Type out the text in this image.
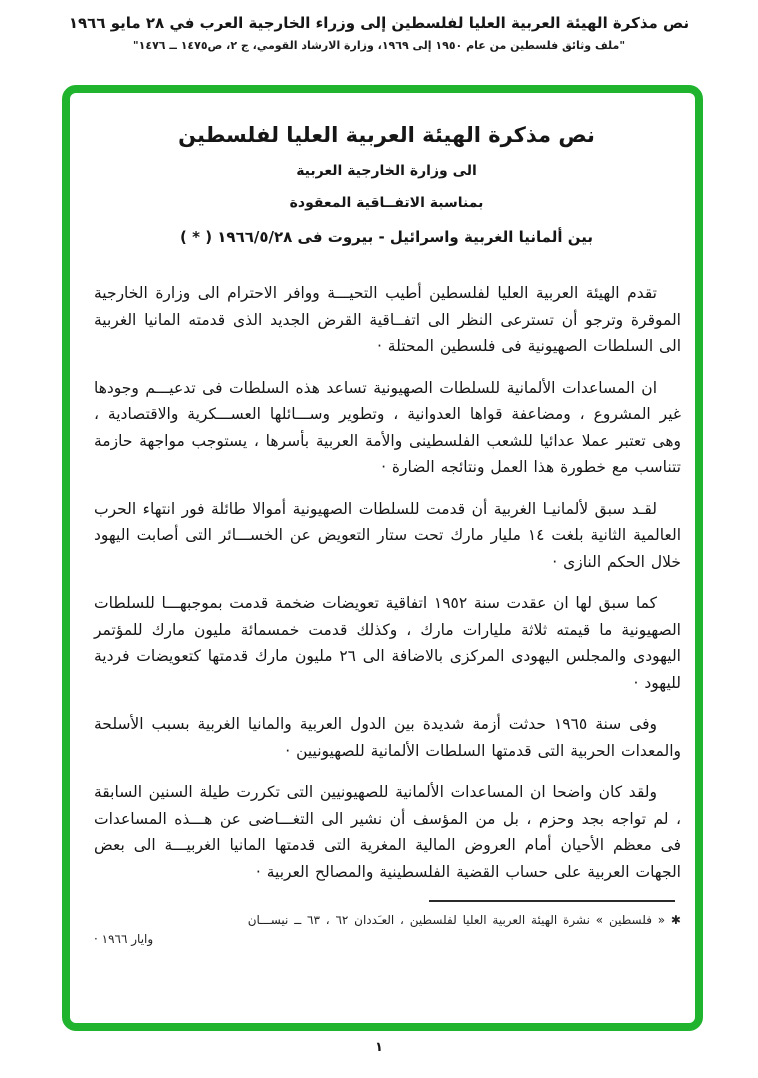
نص مذكرة الهيئة العربية العليا لفلسطين إلى وزراء الخارجية العرب في ٢٨ مايو ١٩٦٦
"ملف وثائق فلسطين من عام ١٩٥٠ إلى ١٩٦٩، وزارة الارشاد القومي، ج ٢، ص١٤٧٥ ــ ١٤٧٦"
نص مذكرة الهيئة العربية العليا لفلسطين
الى وزارة الخارجية العربية
بمناسبة الاتفــاقية المعقودة
بين ألمانيا الغربية واسرائيل - بيروت فى ١٩٦٦/٥/٢٨ ( * )

تقدم الهيئة العربية العليا لفلسطين أطيب التحيـــة ووافر الاحترام الى وزارة الخارجية الموقرة وترجو أن تسترعى النظر الى اتفــاقية القرض الجديد الذى قدمته المانيا الغربية الى السلطات الصهيونية فى فلسطين المحتلة ·

ان المساعدات الألمانية للسلطات الصهيونية تساعد هذه السلطات فى تدعيـــم وجودها غير المشروع ، ومضاعفة قواها العدوانية ، وتطوير وســـائلها العســـكرية والاقتصادية ، وهى تعتبر عملا عدائيا للشعب الفلسطينى والأمة العربية بأسرها ، يستوجب مواجهة حازمة تتناسب مع خطورة هذا العمل ونتائجه الضارة ·

لقـد سبق لألمانيـا الغربية أن قدمت للسلطات الصهيونية أموالا طائلة فور انتهاء الحرب العالمية الثانية بلغت ١٤ مليار مارك تحت ستار التعويض عن الخســـائر التى أصابت اليهود خلال الحكم النازى ·

كما سبق لها ان عقدت سنة ١٩٥٢ اتفاقية تعويضات ضخمة قدمت بموجبهـــا للسلطات الصهيونية ما قيمته ثلاثة مليارات مارك ، وكذلك قدمت خمسمائة مليون مارك للمؤتمر اليهودى والمجلس اليهودى المركزى بالاضافة الى ٢٦ مليون مارك قدمتها كتعويضات فردية لليهود ·

وفى سنة ١٩٦٥ حدثت أزمة شديدة بين الدول العربية والمانيا الغربية بسبب الأسلحة والمعدات الحربية التى قدمتها السلطات الألمانية للصهيونيين ·

ولقد كان واضحا ان المساعدات الألمانية للصهيونيين التى تكررت طيلة السنين السابقة ، لم تواجه بجد وحزم ، بل من المؤسف أن نشير الى التغـــاضى عن هـــذه المساعدات فى معظم الأحيان أمام العروض المالية المغرية التى قدمتها المانيا الغربيـــة الى بعض الجهات العربية على حساب القضية الفلسطينية والمصالح العربية ·

✱ « فلسطين » نشرة الهيئة العربية العليا لفلسطين ، العـَددان ٦٢ ، ٦٣ ــ نيســـان
وايار ١٩٦٦ ·
١
